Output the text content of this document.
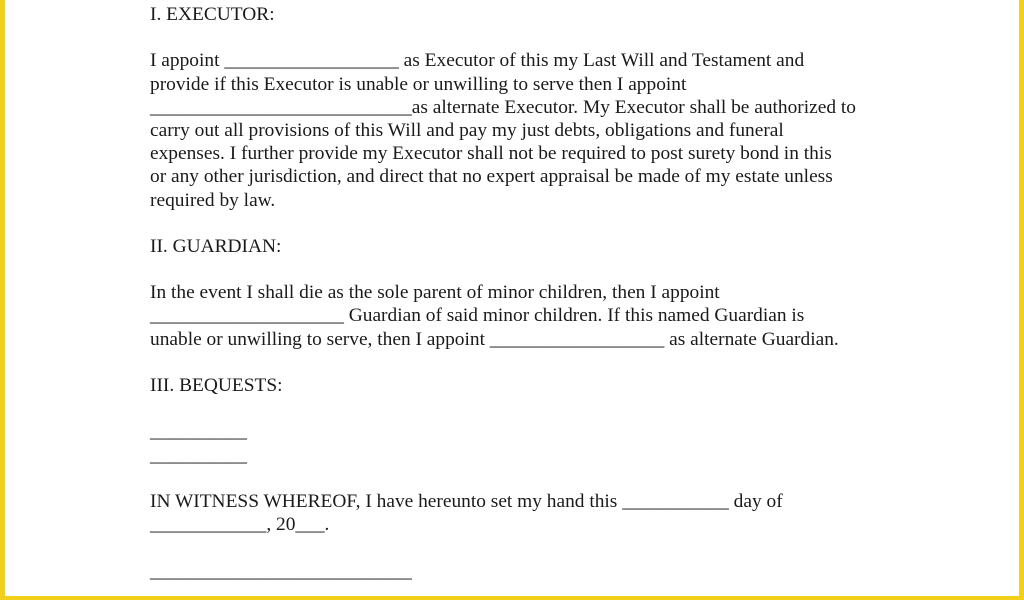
I. EXECUTOR:
I appoint __________________ as Executor of this my Last Will and Testament and
provide if this Executor is unable or unwilling to serve then I appoint
___________________________as alternate Executor. My Executor shall be authorized to
carry out all provisions of this Will and pay my just debts, obligations and funeral
expenses. I further provide my Executor shall not be required to post surety bond in this
or any other jurisdiction, and direct that no expert appraisal be made of my estate unless
required by law.
II. GUARDIAN:
In the event I shall die as the sole parent of minor children, then I appoint
____________________ Guardian of said minor children. If this named Guardian is
unable or unwilling to serve, then I appoint __________________ as alternate Guardian.
III. BEQUESTS:
__________
__________
IN WITNESS WHEREOF, I have hereunto set my hand this ___________ day of
____________, 20___.
___________________________
